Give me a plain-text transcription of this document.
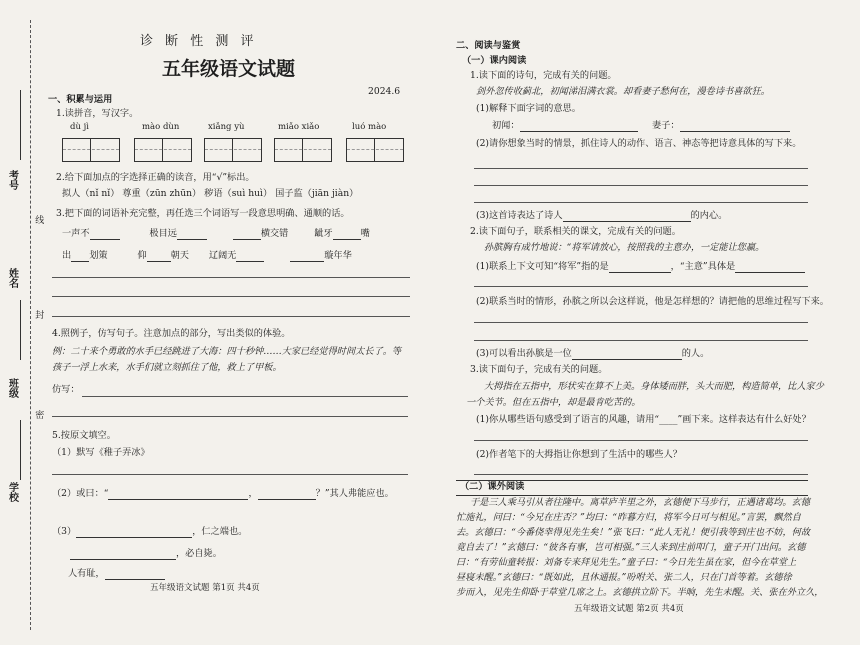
学校
班级
姓名
考号
密
封
线
诊 断 性 测 评
五年级语文试题
2024.6
一、积累与运用
1.读拼音，写汉字。
dù jì	mào dùn	xiǎng yù	miǎo xiǎo	luó mào
2.给下面加点的字选择正确的读音，用“√”标出。
拟人（nǐ nǐ） 尊重（zūn zhūn） 秽语（suì huì） 国子监（jiān jiàn）
3.把下面的词语补充完整，再任选三个词语写一段意思明确、通顺的话。
一声不	极目远	横交错	龇牙	嘴
出 划策	仰	朝天 辽阔无	璇年华
4.照例子，仿写句子。注意加点的部分，写出类似的体验。
例：二十来个勇敢的水手已经跳进了大海：四十秒钟……大家已经觉得时间太长了。等
孩子一浮上水来，水手们就立刻抓住了他，救上了甲板。
仿写：
5.按原文填空。
（1）默写《稚子弄冰》
（2）或曰：“	，	？”其人弗能应也。
（3）	，仁之端也。
，必自毙。
人有耻，
五年级语文试题 第1页 共4页
二、阅读与鉴赏
（一）课内阅读
1.读下面的诗句，完成有关的问题。
剑外忽传收蓟北，初闻涕泪满衣裳。却看妻子愁何在，漫卷诗书喜欲狂。
(1)解释下面字词的意思。
初闻：	妻子：
(2)请你想象当时的情景，抓住诗人的动作、语言、神态等把诗意具体的写下来。
(3)这首诗表达了诗人	的内心。
2.读下面句子，联系相关的课文，完成有关的问题。
孙膑胸有成竹地说：“将军请放心，按照我的主意办，一定能让您赢。
(1)联系上下文可知“将军”指的是	，“主意”具体是
(2)联系当时的情形，孙膑之所以会这样说，他是怎样想的？请把他的思维过程写下来。
(3)可以看出孙膑是一位	的人。
3.读下面句子，完成有关的问题。
大拇指在五指中，形状实在算不上美。身体矮而胖，头大而肥，构造简单，比人家少
一个关节。但在五指中，却是最肯吃苦的。
(1)你从哪些语句感受到了语言的风趣，请用“____”画下来。这样表达有什么好处？
(2)作者笔下的大拇指让你想到了生活中的哪些人？
（二）课外阅读
于是三人乘马引从者往隆中。离草庐半里之外，玄德便下马步行，正遇诸葛均。玄德
忙施礼，问曰：“今兄在庄否？”均曰：“昨暮方归，将军今日可与相见。”言罢，飘然自
去。玄德曰：“今番侥幸得见先生矣！”张飞曰：“此人无礼！便引我等到庄也不妨，何故
竟自去了！”玄德曰：“彼各有事，岂可相强。”三人来到庄前叩门，童子开门出问。玄德
曰：“有劳仙童转报：刘备专来拜见先生。”童子曰：“今日先生虽在家，但今在草堂上
昼寝未醒。”玄德曰：“既如此，且休通报。”吩咐关、张二人，只在门首等着。玄德徐
步而入，见先生仰卧于草堂几席之上。玄德拱立阶下。半晌，先生未醒。关、张在外立久，
五年级语文试题 第2页 共4页
